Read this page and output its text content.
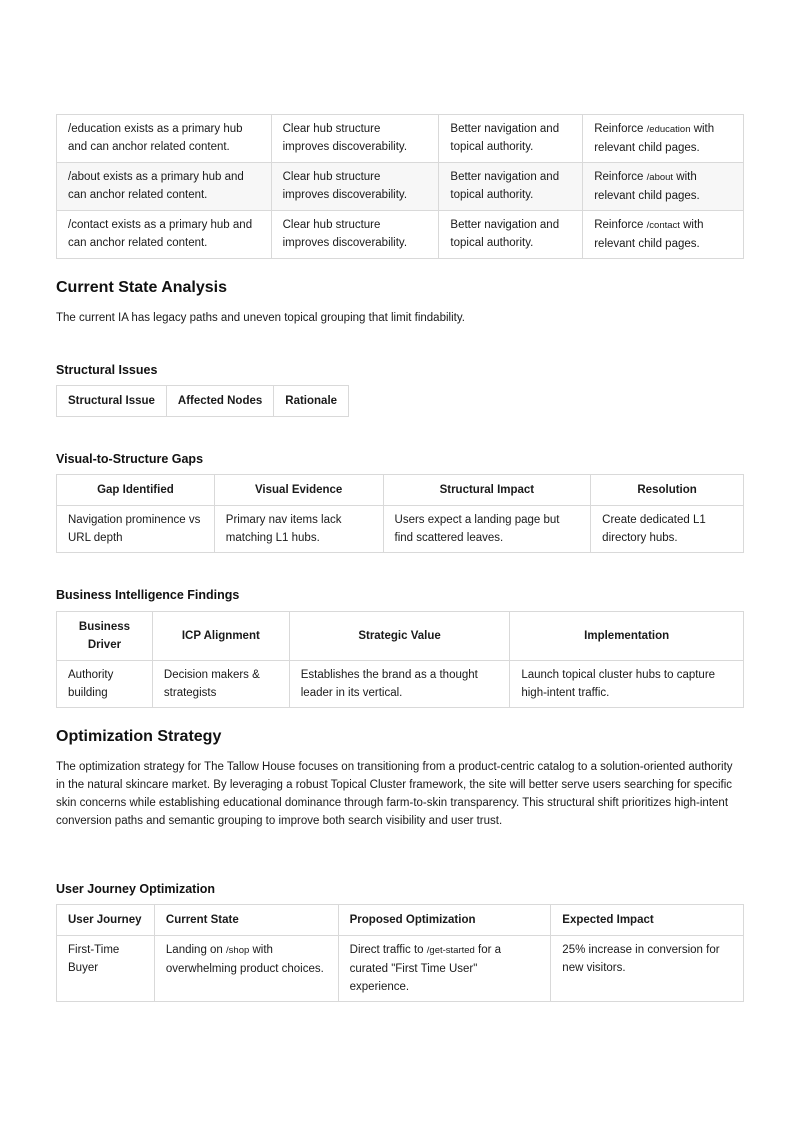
/education exists as a primary hub and can anchor related content.	Clear hub structure improves discoverability.	Better navigation and topical authority.	Reinforce /education with relevant child pages.
/about exists as a primary hub and can anchor related content.	Clear hub structure improves discoverability.	Better navigation and topical authority.	Reinforce /about with relevant child pages.
/contact exists as a primary hub and can anchor related content.	Clear hub structure improves discoverability.	Better navigation and topical authority.	Reinforce /contact with relevant child pages.
Current State Analysis

The current IA has legacy paths and uneven topical grouping that limit findability.

Structural Issues
Structural Issue	Affected Nodes	Rationale
Visual-to-Structure Gaps
Gap Identified	Visual Evidence	Structural Impact	Resolution
Navigation prominence vs URL depth	Primary nav items lack matching L1 hubs.	Users expect a landing page but find scattered leaves.	Create dedicated L1 directory hubs.
Business Intelligence Findings
Business Driver	ICP Alignment	Strategic Value	Implementation
Authority building	Decision makers & strategists	Establishes the brand as a thought leader in its vertical.	Launch topical cluster hubs to capture high-intent traffic.
Optimization Strategy

The optimization strategy for The Tallow House focuses on transitioning from a product-centric catalog to a solution-oriented authority in the natural skincare market. By leveraging a robust Topical Cluster framework, the site will better serve users searching for specific skin concerns while establishing educational dominance through farm-to-skin transparency. This structural shift prioritizes high-intent conversion paths and semantic grouping to improve both search visibility and user trust.

User Journey Optimization
User Journey	Current State	Proposed Optimization	Expected Impact
First-Time Buyer	Landing on /shop with overwhelming product choices.	Direct traffic to /get-started for a curated "First Time User" experience.	25% increase in conversion for new visitors.
